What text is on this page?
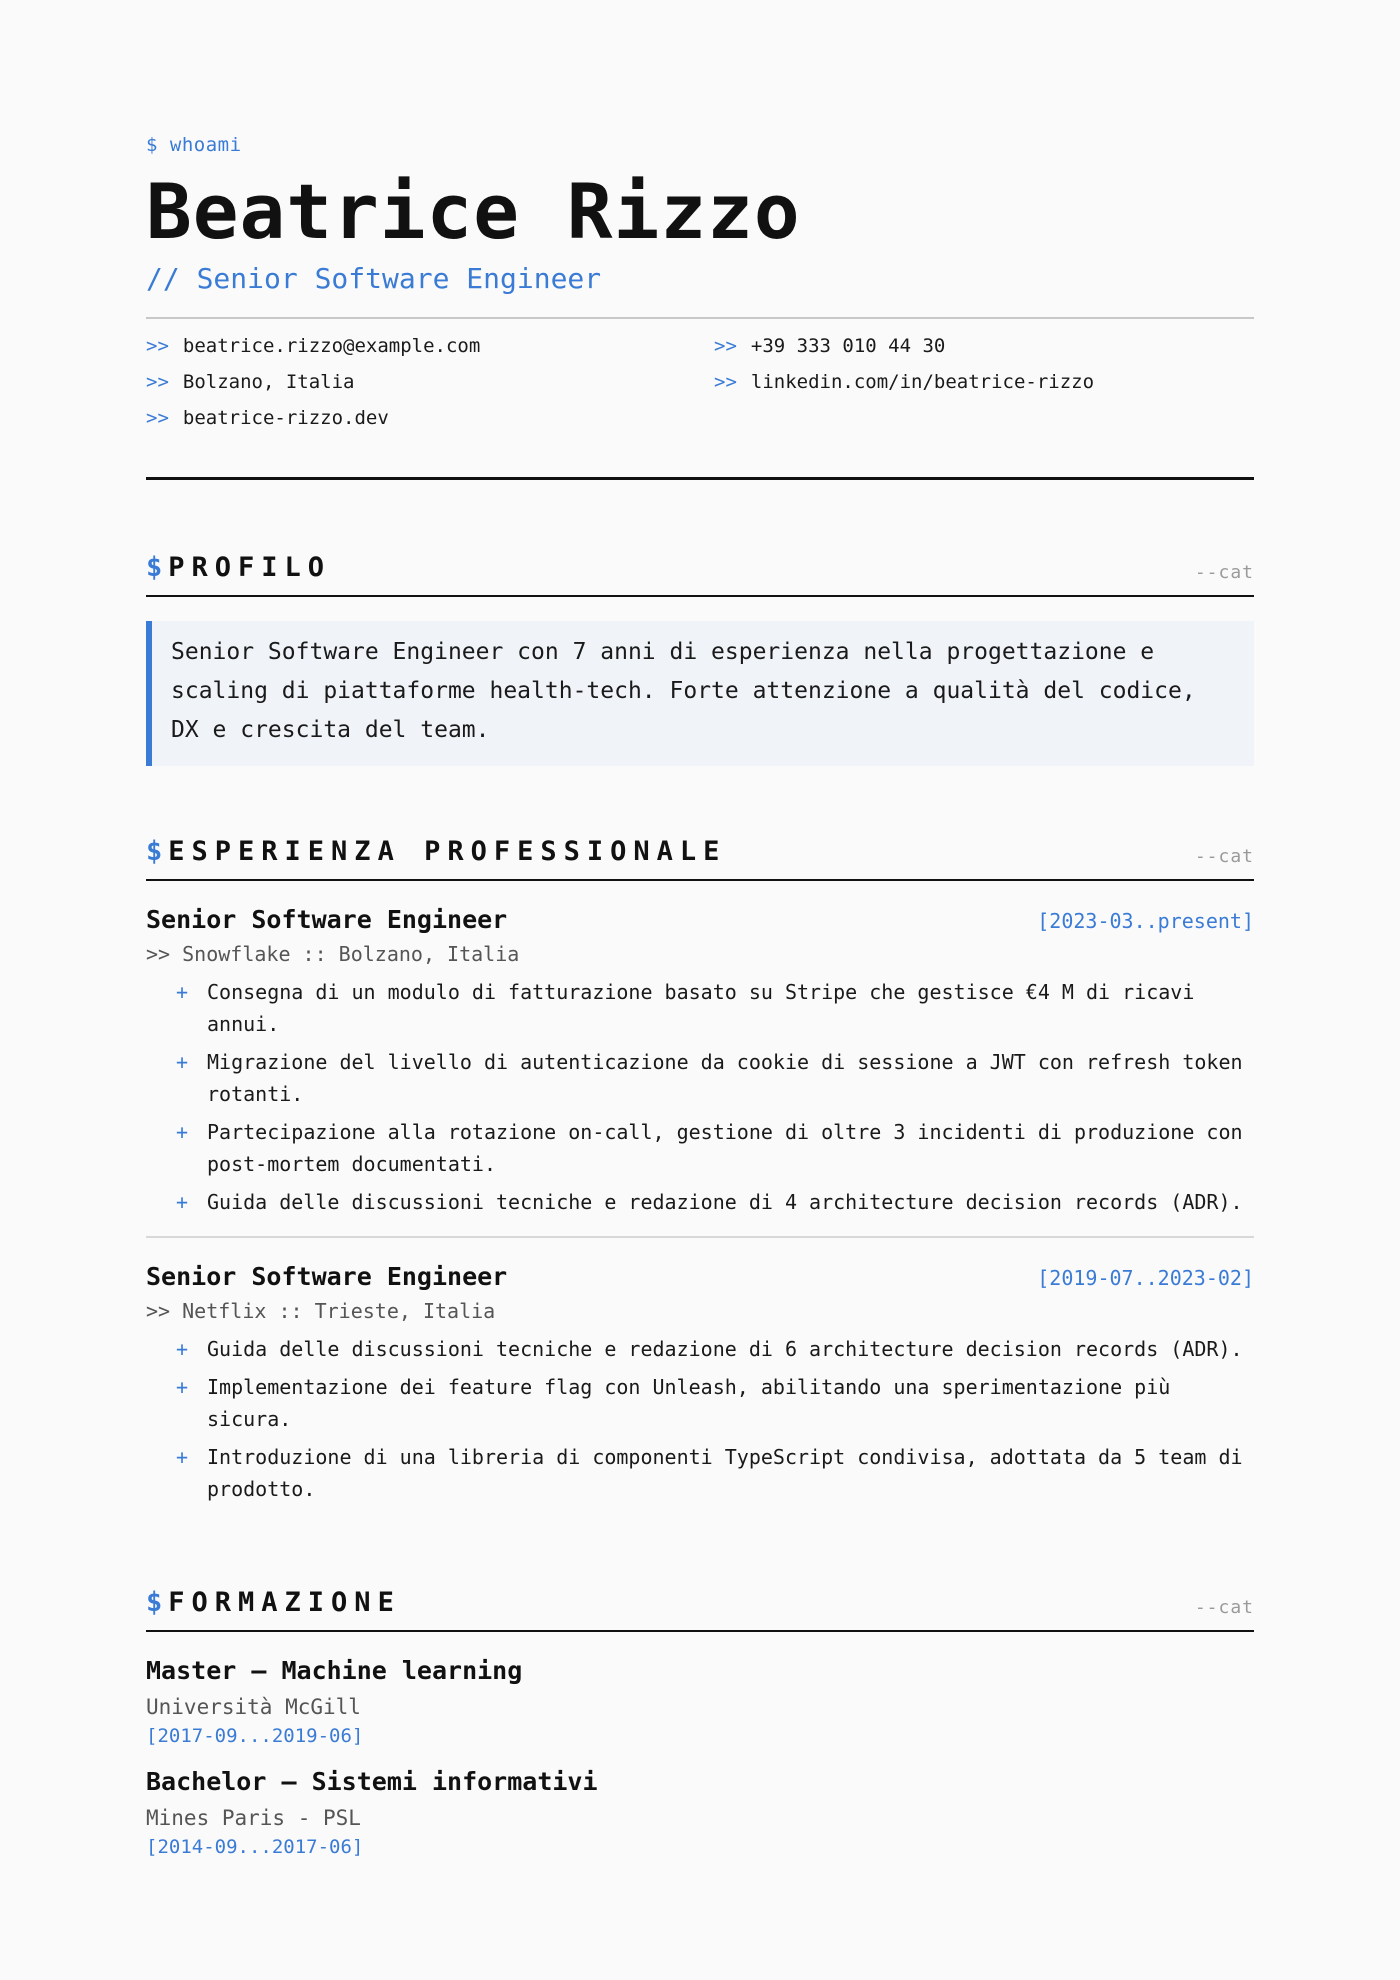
$ whoami
Beatrice Rizzo
// Senior Software Engineer
>> beatrice.rizzo@example.com	>> +39 333 010 44 30
>> Bolzano, Italia	>> linkedin.com/in/beatrice-rizzo
>> beatrice-rizzo.dev
$ PROFILO	--cat
Senior Software Engineer con 7 anni di esperienza nella progettazione e scaling di piattaforme health-tech. Forte attenzione a qualità del codice, DX e crescita del team.
$ ESPERIENZA PROFESSIONALE	--cat
Senior Software Engineer	[2023-03..present]
>> Snowflake :: Bolzano, Italia
+ Consegna di un modulo di fatturazione basato su Stripe che gestisce €4 M di ricavi annui.
+ Migrazione del livello di autenticazione da cookie di sessione a JWT con refresh token rotanti.
+ Partecipazione alla rotazione on-call, gestione di oltre 3 incidenti di produzione con post-mortem documentati.
+ Guida delle discussioni tecniche e redazione di 4 architecture decision records (ADR).
Senior Software Engineer	[2019-07..2023-02]
>> Netflix :: Trieste, Italia
+ Guida delle discussioni tecniche e redazione di 6 architecture decision records (ADR).
+ Implementazione dei feature flag con Unleash, abilitando una sperimentazione più sicura.
+ Introduzione di una libreria di componenti TypeScript condivisa, adottata da 5 team di prodotto.
$ FORMAZIONE	--cat
Master — Machine learning
Università McGill
[2017-09...2019-06]
Bachelor — Sistemi informativi
Mines Paris - PSL
[2014-09...2017-06]
